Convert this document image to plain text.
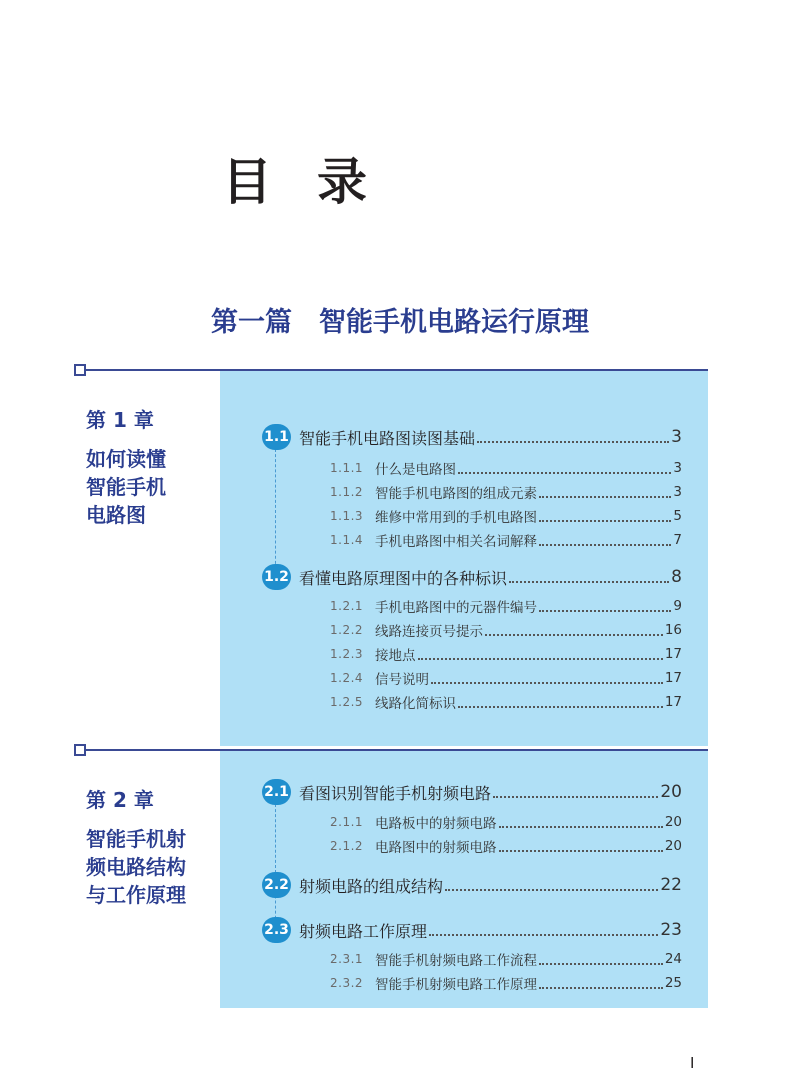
目录
第一篇　智能手机电路运行原理
第 1 章
如何读懂
智能手机
电路图
1.1 智能手机电路图读图基础	3
1.1.1 什么是电路图	3
1.1.2 智能手机电路图的组成元素	3
1.1.3 维修中常用到的手机电路图	5
1.1.4 手机电路图中相关名词解释	7
1.2 看懂电路原理图中的各种标识	8
1.2.1 手机电路图中的元器件编号	9
1.2.2 线路连接页号提示	16
1.2.3 接地点	17
1.2.4 信号说明	17
1.2.5 线路化简标识	17
第 2 章
智能手机射
频电路结构
与工作原理
2.1 看图识别智能手机射频电路	20
2.1.1 电路板中的射频电路	20
2.1.2 电路图中的射频电路	20
2.2 射频电路的组成结构	22
2.3 射频电路工作原理	23
2.3.1 智能手机射频电路工作流程	24
2.3.2 智能手机射频电路工作原理	25
I
